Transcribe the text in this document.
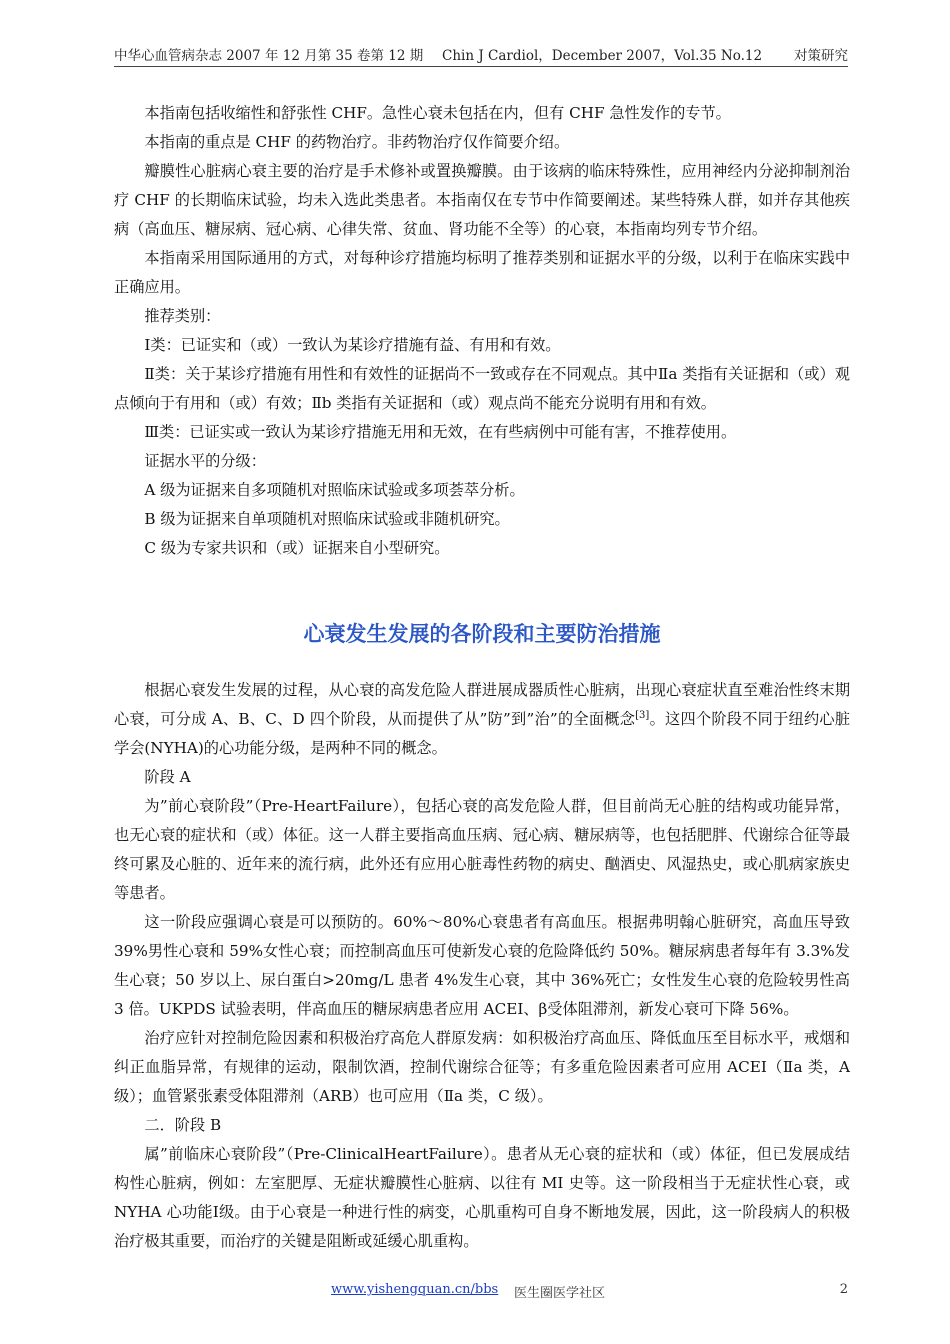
中华心血管病杂志 2007 年 12 月第 35 卷第 12 期 Chin J Cardiol，December 2007，Vol.35 No.12 对策研究

本指南包括收缩性和舒张性 CHF。急性心衰未包括在内，但有 CHF 急性发作的专节。

本指南的重点是 CHF 的药物治疗。非药物治疗仅作简要介绍。

瓣膜性心脏病心衰主要的治疗是手术修补或置换瓣膜。由于该病的临床特殊性，应用神经内分泌抑制剂治疗 CHF 的长期临床试验，均未入选此类患者。本指南仅在专节中作简要阐述。某些特殊人群，如并存其他疾病（高血压、糖尿病、冠心病、心律失常、贫血、肾功能不全等）的心衰，本指南均列专节介绍。

本指南采用国际通用的方式，对每种诊疗措施均标明了推荐类别和证据水平的分级，以利于在临床实践中正确应用。

推荐类别：

Ⅰ类：已证实和（或）一致认为某诊疗措施有益、有用和有效。

Ⅱ类：关于某诊疗措施有用性和有效性的证据尚不一致或存在不同观点。其中Ⅱa 类指有关证据和（或）观点倾向于有用和（或）有效；Ⅱb 类指有关证据和（或）观点尚不能充分说明有用和有效。

Ⅲ类：已证实或一致认为某诊疗措施无用和无效，在有些病例中可能有害，不推荐使用。

证据水平的分级：

A 级为证据来自多项随机对照临床试验或多项荟萃分析。

B 级为证据来自单项随机对照临床试验或非随机研究。

C 级为专家共识和（或）证据来自小型研究。

心衰发生发展的各阶段和主要防治措施

根据心衰发生发展的过程，从心衰的高发危险人群进展成器质性心脏病，出现心衰症状直至难治性终末期心衰，可分成 A、B、C、D 四个阶段，从而提供了从”防”到”治”的全面概念[3]。这四个阶段不同于纽约心脏学会(NYHA)的心功能分级，是两种不同的概念。

阶段 A

为”前心衰阶段”（Pre-HeartFailure），包括心衰的高发危险人群，但目前尚无心脏的结构或功能异常，也无心衰的症状和（或）体征。这一人群主要指高血压病、冠心病、糖尿病等，也包括肥胖、代谢综合征等最终可累及心脏的、近年来的流行病，此外还有应用心脏毒性药物的病史、酗酒史、风湿热史，或心肌病家族史等患者。

这一阶段应强调心衰是可以预防的。60%～80%心衰患者有高血压。根据弗明翰心脏研究，高血压导致 39%男性心衰和 59%女性心衰；而控制高血压可使新发心衰的危险降低约 50%。糖尿病患者每年有 3.3%发生心衰；50 岁以上、尿白蛋白>20mg/L 患者 4%发生心衰，其中 36%死亡；女性发生心衰的危险较男性高 3 倍。UKPDS 试验表明，伴高血压的糖尿病患者应用 ACEI、β受体阻滞剂，新发心衰可下降 56%。

治疗应针对控制危险因素和积极治疗高危人群原发病：如积极治疗高血压、降低血压至目标水平，戒烟和纠正血脂异常，有规律的运动，限制饮酒，控制代谢综合征等；有多重危险因素者可应用 ACEI（Ⅱa 类，A 级）；血管紧张素受体阻滞剂（ARB）也可应用（Ⅱa 类，C 级）。

二．阶段 B

属”前临床心衰阶段”（Pre-ClinicalHeartFailure）。患者从无心衰的症状和（或）体征，但已发展成结构性心脏病，例如：左室肥厚、无症状瓣膜性心脏病、以往有 MI 史等。这一阶段相当于无症状性心衰，或 NYHA 心功能Ⅰ级。由于心衰是一种进行性的病变，心肌重构可自身不断地发展，因此，这一阶段病人的积极治疗极其重要，而治疗的关键是阻断或延缓心肌重构。

www.yishengquan.cn/bbs 医生圈医学社区	2
